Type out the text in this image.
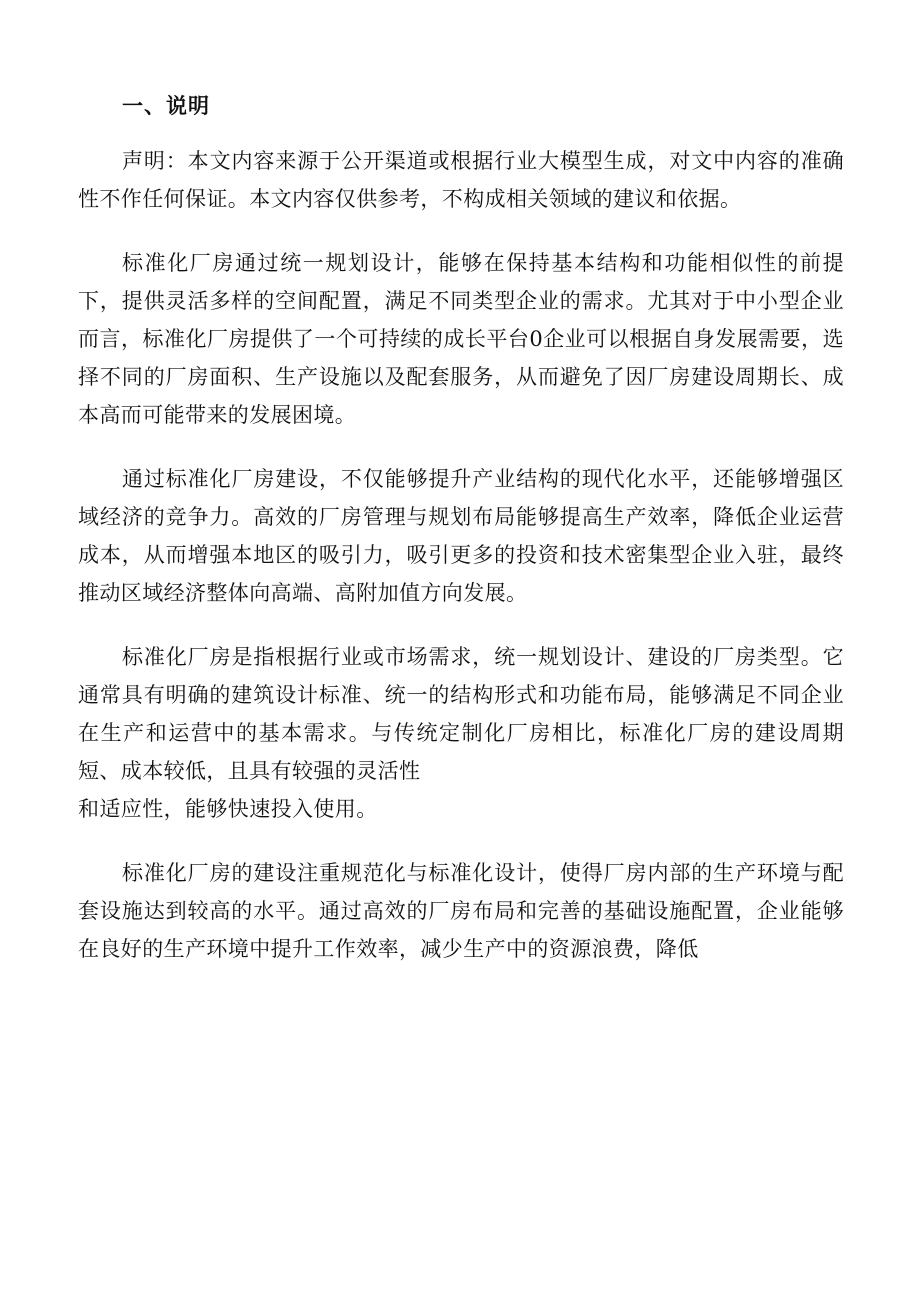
一、说明

声明：本文内容来源于公开渠道或根据行业大模型生成，对文中内容的准确性不作任何保证。本文内容仅供参考，不构成相关领域的建议和依据。

标准化厂房通过统一规划设计，能够在保持基本结构和功能相似性的前提下，提供灵活多样的空间配置，满足不同类型企业的需求。尤其对于中小型企业而言，标准化厂房提供了一个可持续的成长平台0企业可以根据自身发展需要，选择不同的厂房面积、生产设施以及配套服务，从而避免了因厂房建设周期长、成本高而可能带来的发展困境。

通过标准化厂房建设，不仅能够提升产业结构的现代化水平，还能够增强区域经济的竞争力。高效的厂房管理与规划布局能够提高生产效率，降低企业运营成本，从而增强本地区的吸引力，吸引更多的投资和技术密集型企业入驻，最终推动区域经济整体向高端、高附加值方向发展。

标准化厂房是指根据行业或市场需求，统一规划设计、建设的厂房类型。它通常具有明确的建筑设计标准、统一的结构形式和功能布局，能够满足不同企业在生产和运营中的基本需求。与传统定制化厂房相比，标准化厂房的建设周期短、成本较低，且具有较强的灵活性

和适应性，能够快速投入使用。

标准化厂房的建设注重规范化与标准化设计，使得厂房内部的生产环境与配套设施达到较高的水平。通过高效的厂房布局和完善的基础设施配置，企业能够在良好的生产环境中提升工作效率，减少生产中的资源浪费，降低
